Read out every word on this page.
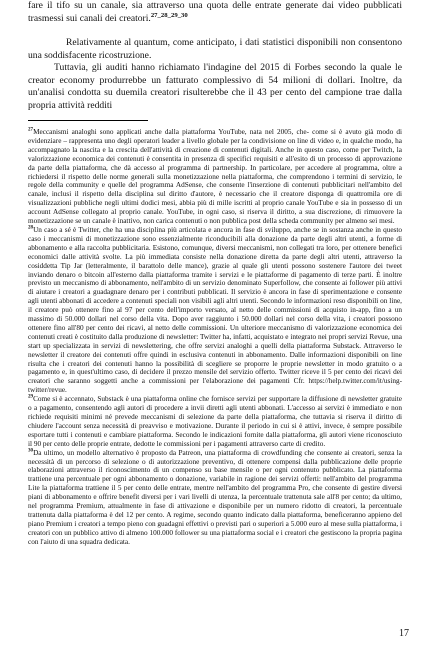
fare il tifo su un canale, sia attraverso una quota delle entrate generate dai video pubblicati trasmessi sui canali dei creatori.$^{27\_28\_29\_30}$

Relativamente al quantum, come anticipato, i dati statistici disponibili non consentono una soddisfacente ricostruzione.

Tuttavia, gli auditi hanno richiamato l'indagine del 2015 di Forbes secondo la quale le creator economy produrrebbe un fatturato complessivo di 54 milioni di dollari. Inoltre, da un'analisi condotta su duemila creatori risulterebbe che il 43 per cento del campione trae dalla propria attività redditi

$^{27}$Meccanismi analoghi sono applicati anche dalla piattaforma YouTube, nata nel 2005, che- come si è avuto già modo di evidenziare – rappresenta uno degli operatori leader a livello globale per la condivisione on line di video e, in qualche modo, ha accompagnato la nascita e la crescita dell'attività di creazione di contenuti digitali. Anche in questo caso, come per Twitch, la valorizzazione economica dei contenuti è consentita in presenza di specifici requisiti e all'esito di un processo di approvazione da parte della piattaforma, che dà accesso al programma di partnership. In particolare, per accedere al programma, oltre a richiedersi il rispetto delle norme generali sulla monetizzazione nella piattaforma, che comprendono i termini di servizio, le regole della community e quelle del programma AdSense, che consente l'inserzione di contenuti pubblicitari nell'ambito del canale, inclusi il rispetto della disciplina sul diritto d'autore, è necessario che il creatore disponga di quattromila ore di visualizzazioni pubbliche negli ultimi dodici mesi, abbia più di mille iscritti al proprio canale YouTube e sia in possesso di un account AdSense collegato al proprio canale. YouTube, in ogni caso, si riserva il diritto, a sua discrezione, di rimuovere la monetizzazione se un canale è inattivo, non carica contenuti o non pubblica post della scheda community per almeno sei mesi.

$^{28}$Un caso a sé è Twitter, che ha una disciplina più articolata e ancora in fase di sviluppo, anche se in sostanza anche in questo caso i meccanismi di monetizzazione sono essenzialmente riconducibili alla donazione da parte degli altri utenti, a forme di abbonamento e alla raccolta pubblicitaria. Esistono, comunque, diversi meccanismi, non collegati tra loro, per ottenere benefici economici dalle attività svolte. La più immediata consiste nella donazione diretta da parte degli altri utenti, attraverso la cosiddetta Tip Jar (letteralmente, il barattolo delle mance), grazie al quale gli utenti possono sostenere l'autore dei tweet inviando denaro o bitcoin all'esterno dalla piattaforma tramite i servizi e le piattaforme di pagamento di terze parti. È inoltre previsto un meccanismo di abbonamento, nell'ambito di un servizio denominato Superfollow, che consente ai follower più attivi di aiutare i creatori a guadagnare denaro per i contributi pubblicati. Il servizio è ancora in fase di sperimentazione e consente agli utenti abbonati di accedere a contenuti speciali non visibili agli altri utenti. Secondo le informazioni reso disponibili on line, il creatore può ottenere fino al 97 per cento dell'importo versato, al netto delle commissioni di acquisto in-app, fino a un massimo di 50.000 dollari nel corso della vita. Dopo aver raggiunto i 50.000 dollari nel corso della vita, i creatori possono ottenere fino all'80 per cento dei ricavi, al netto delle commissioni. Un ulteriore meccanismo di valorizzazione economica dei contenuti creati è costituito dalla produzione di newsletter: Twitter ha, infatti, acquistato e integrato nei propri servizi Revue, una start up specializzata in servizi di newslettering, che offre servizi analoghi a quelli della piattaforma Substack. Attraverso le newsletter il creatore dei contenuti offre quindi in esclusiva contenuti in abbonamento. Dalle informazioni disponibili on line risulta che i creatori dei contenuti hanno la possibilità di scegliere se proporre le proprie newsletter in modo gratuito o a pagamento e, in quest'ultimo caso, di decidere il prezzo mensile del servizio offerto. Twitter riceve il 5 per cento dei ricavi dei creatori che saranno soggetti anche a commissioni per l'elaborazione dei pagamenti Cfr. https://help.twitter.com/it/using-twitter/revue.

$^{29}$Come si è accennato, Substack è una piattaforma online che fornisce servizi per supportare la diffusione di newsletter gratuite o a pagamento, consentendo agli autori di procedere a invii diretti agli utenti abbonati. L'accesso ai servizi è immediato e non richiede requisiti minimi né prevede meccanismi di selezione da parte della piattaforma, che tuttavia si riserva il diritto di chiudere l'account senza necessità di preavviso e motivazione. Durante il periodo in cui si è attivi, invece, è sempre possibile esportare tutti i contenuti e cambiare piattaforma. Secondo le indicazioni fornite dalla piattaforma, gli autori viene riconosciuto il 90 per cento delle proprie entrate, dedotte le commissioni per i pagamenti attraverso carte di credito.

$^{30}$Da ultimo, un modello alternativo è proposto da Patreon, una piattaforma di crowdfunding che consente ai creatori, senza la necessità di un percorso di selezione o di autorizzazione preventivo, di ottenere compensi dalla pubblicazione delle proprie elaborazioni attraverso il riconoscimento di un compenso su base mensile o per ogni contenuto pubblicato. La piattaforma trattiene una percentuale per ogni abbonamento o donazione, variabile in ragione dei servizi offerti: nell'ambito del programma Lite la piattaforma trattiene il 5 per cento delle entrate, mentre nell'ambito del programma Pro, che consente di gestire diversi piani di abbonamento e offrire benefit diversi per i vari livelli di utenza, la percentuale trattenuta sale all'8 per cento; da ultimo, nel programma Premium, attualmente in fase di attivazione e disponibile per un numero ridotto di creatori, la percentuale trattenuta dalla piattaforma è del 12 per cento. A regime, secondo quanto indicato dalla piattaforma, beneficeranno appieno del piano Premium i creatori a tempo pieno con guadagni effettivi o previsti pari o superiori a 5.000 euro al mese sulla piattaforma, i creatori con un pubblico attivo di almeno 100.000 follower su una piattaforma social e i creatori che gestiscono la propria pagina con l'aiuto di una squadra dedicata.

17
